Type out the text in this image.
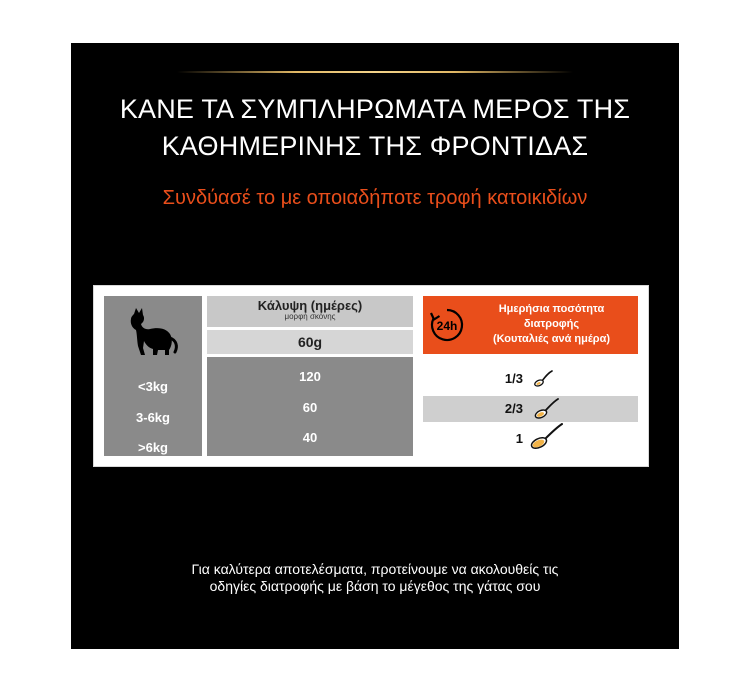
ΚΑΝΕ ΤΑ ΣΥΜΠΛΗΡΩΜΑΤΑ ΜΕΡΟΣ ΤΗΣ
ΚΑΘΗΜΕΡΙΝΗΣ ΤΗΣ ΦΡΟΝΤΙΔΑΣ
Συνδύασέ το με οποιαδήποτε τροφή κατοικιδίων
<3kg
3-6kg
>6kg
Κάλυψη (ημέρες)
μορφή σκόνης
60g
120
60
40
24h
Ημερήσια ποσότητα
διατροφής
(Κουταλιές ανά ημέρα)
1/3
2/3
1
Για καλύτερα αποτελέσματα, προτείνουμε να ακολουθείς τις
οδηγίες διατροφής με βάση το μέγεθος της γάτας σου
